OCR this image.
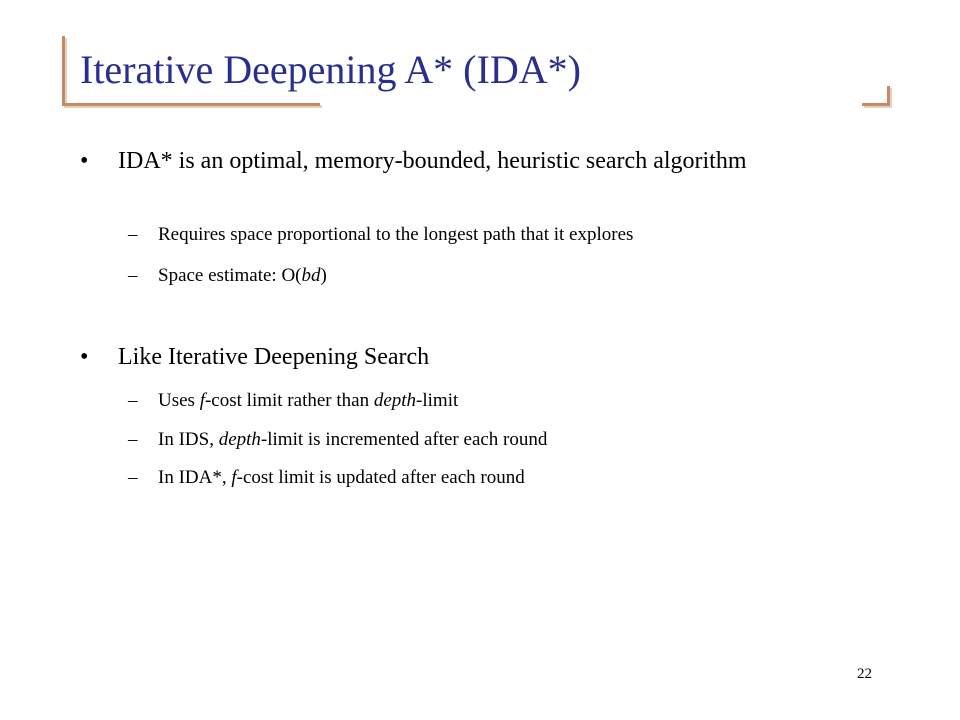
Iterative Deepening A* (IDA*)
•	IDA* is an optimal, memory-bounded, heuristic search algorithm
– Requires space proportional to the longest path that it explores
– Space estimate: O(bd)
•	Like Iterative Deepening Search
– Uses f-cost limit rather than depth-limit
– In IDS, depth-limit is incremented after each round
– In IDA*, f-cost limit is updated after each round
22
